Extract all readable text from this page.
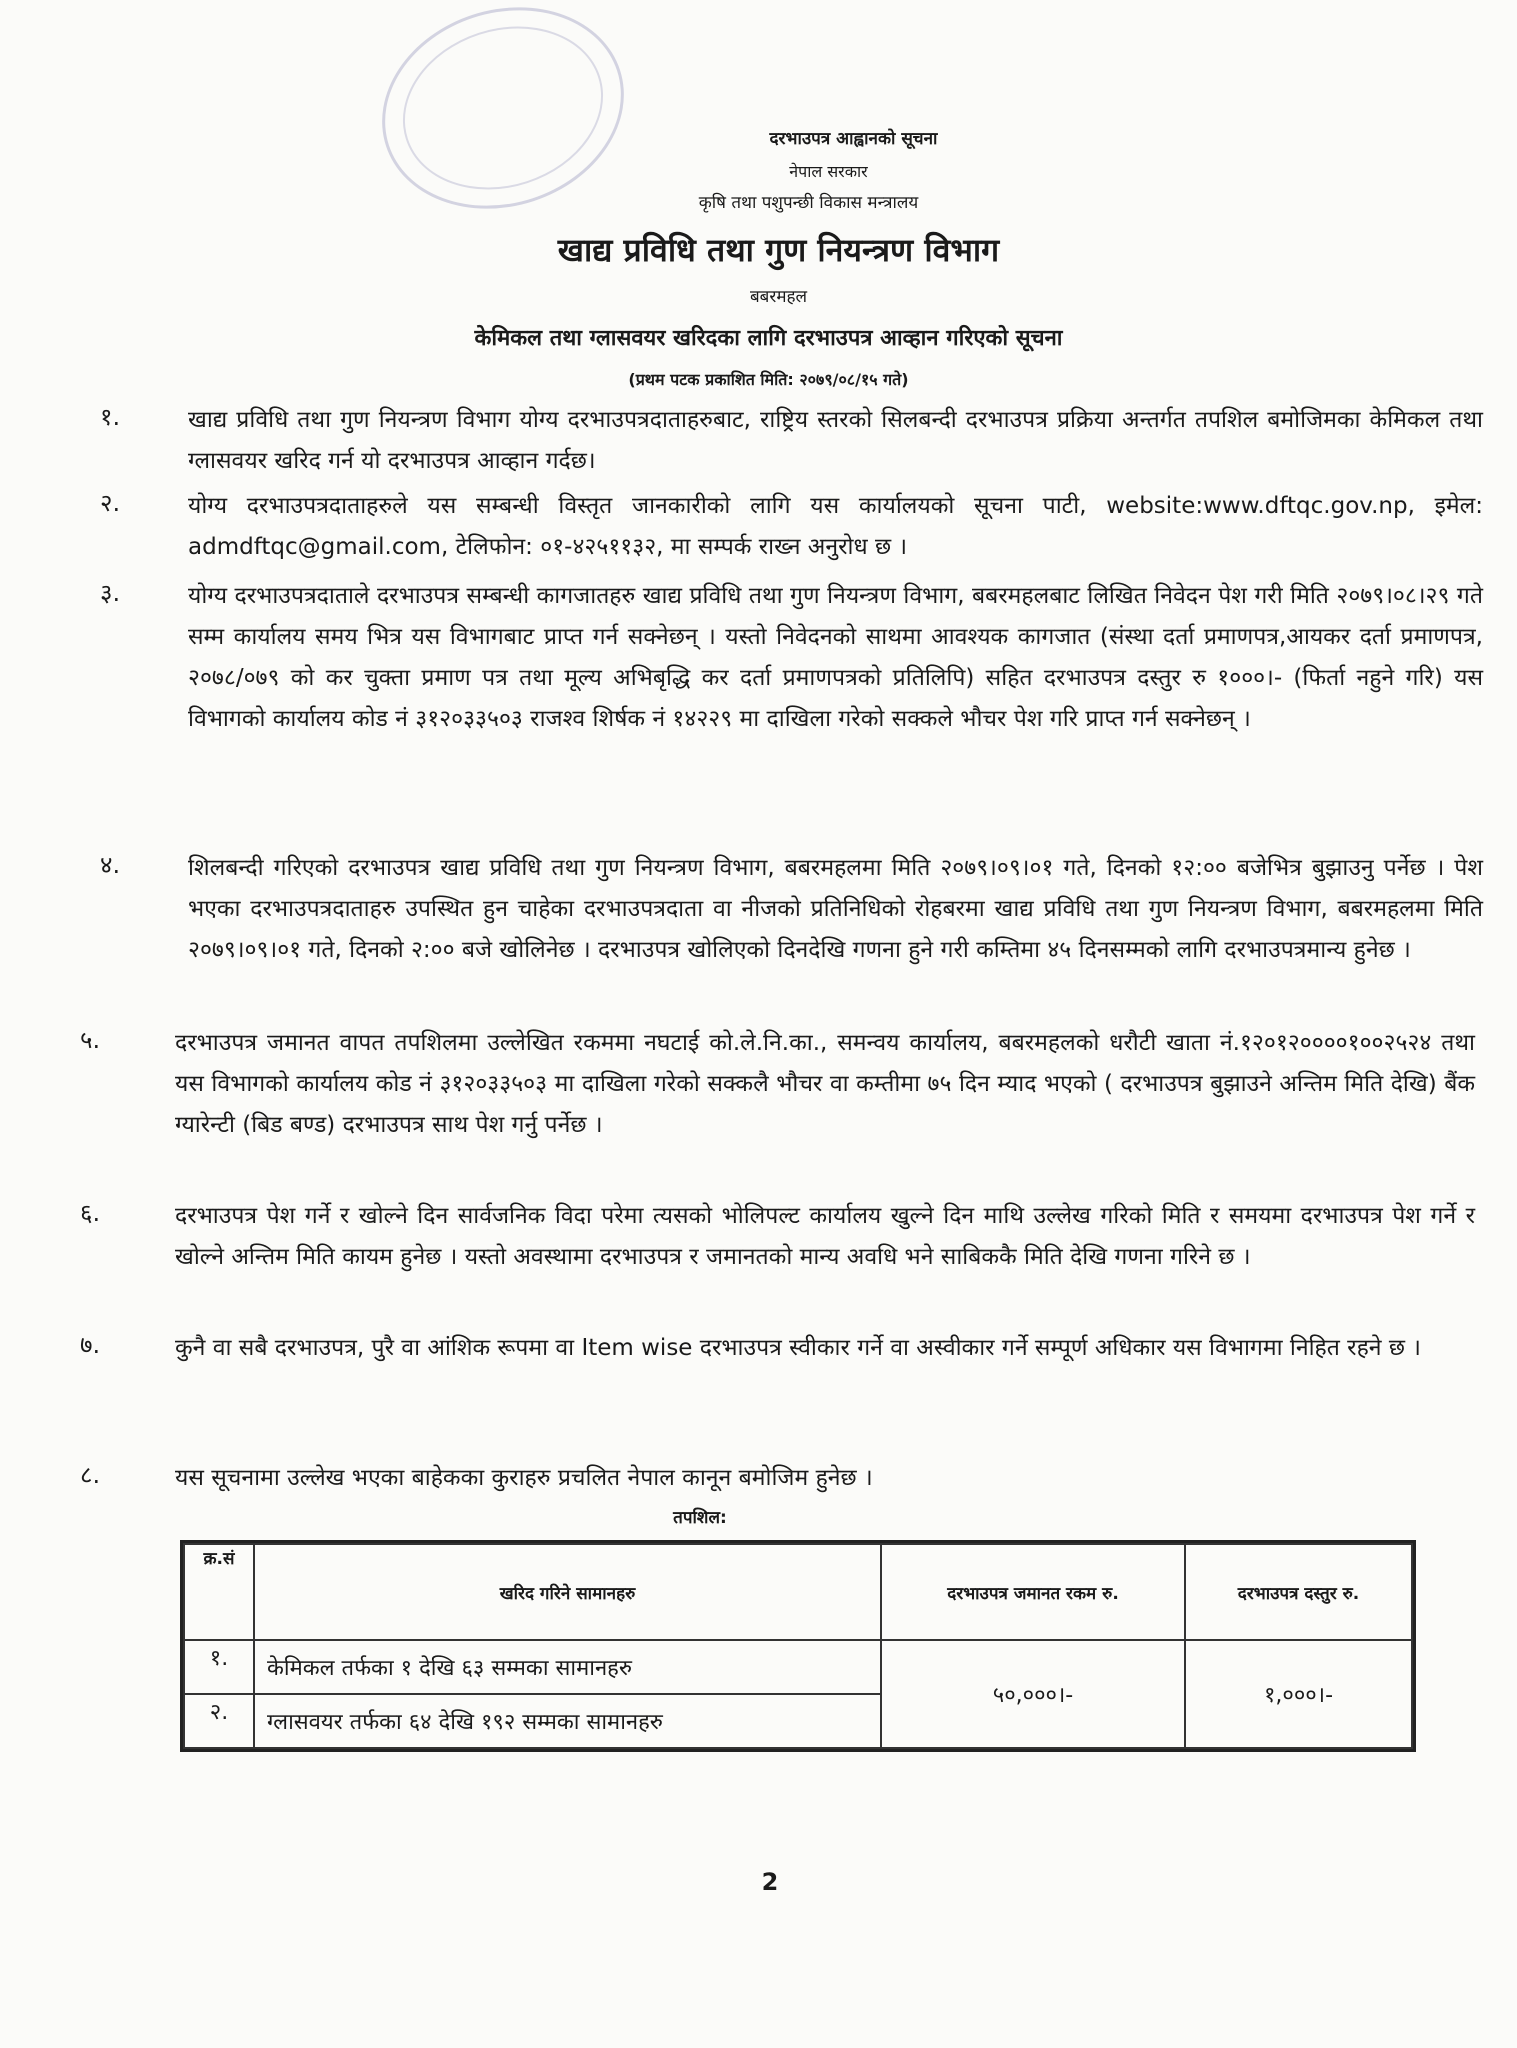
दरभाउपत्र आह्वानको सूचना

नेपाल सरकार

कृषि तथा पशुपन्छी विकास मन्त्रालय

खाद्य प्रविधि तथा गुण नियन्त्रण विभाग

बबरमहल

केमिकल तथा ग्लासवयर खरिदका लागि दरभाउपत्र आव्हान गरिएको सूचना

(प्रथम पटक प्रकाशित मिति: २०७९/०८/१५ गते)

१.	खाद्य प्रविधि तथा गुण नियन्त्रण विभाग योग्य दरभाउपत्रदाताहरुबाट, राष्ट्रिय स्तरको सिलबन्दी दरभाउपत्र प्रक्रिया अन्तर्गत तपशिल बमोजिमका केमिकल तथा ग्लासवयर खरिद गर्न यो दरभाउपत्र आव्हान गर्दछ।
२.	योग्य दरभाउपत्रदाताहरुले यस सम्बन्धी विस्तृत जानकारीको लागि यस कार्यालयको सूचना पाटी, website:www.dftqc.gov.np, इमेल: admdftqc@gmail.com, टेलिफोन: ०१-४२५११३२, मा सम्पर्क राख्न अनुरोध छ ।
३.	योग्य दरभाउपत्रदाताले दरभाउपत्र सम्बन्धी कागजातहरु खाद्य प्रविधि तथा गुण नियन्त्रण विभाग, बबरमहलबाट लिखित निवेदन पेश गरी मिति २०७९।०८।२९ गते सम्म कार्यालय समय भित्र यस विभागबाट प्राप्त गर्न सक्नेछन् । यस्तो निवेदनको साथमा आवश्यक कागजात (संस्था दर्ता प्रमाणपत्र,आयकर दर्ता प्रमाणपत्र, २०७८/०७९ को कर चुक्ता प्रमाण पत्र तथा मूल्य अभिबृद्धि कर दर्ता प्रमाणपत्रको प्रतिलिपि) सहित दरभाउपत्र दस्तुर रु १०००।- (फिर्ता नहुने गरि) यस विभागको कार्यालय कोड नं ३१२०३३५०३ राजश्व शिर्षक नं १४२२९ मा दाखिला गरेको सक्कले भौचर पेश गरि प्राप्त गर्न सक्नेछन् ।
४.	शिलबन्दी गरिएको दरभाउपत्र खाद्य प्रविधि तथा गुण नियन्त्रण विभाग, बबरमहलमा मिति २०७९।०९।०१ गते, दिनको १२:०० बजेभित्र बुझाउनु पर्नेछ । पेश भएका दरभाउपत्रदाताहरु उपस्थित हुन चाहेका दरभाउपत्रदाता वा नीजको प्रतिनिधिको रोहबरमा खाद्य प्रविधि तथा गुण नियन्त्रण विभाग, बबरमहलमा मिति २०७९।०९।०१ गते, दिनको २:०० बजे खोलिनेछ । दरभाउपत्र खोलिएको दिनदेखि गणना हुने गरी कम्तिमा ४५ दिनसम्मको लागि दरभाउपत्रमान्य हुनेछ ।
५.	दरभाउपत्र जमानत वापत तपशिलमा उल्लेखित रकममा नघटाई को.ले.नि.का., समन्वय कार्यालय, बबरमहलको धरौटी खाता नं.१२०१२००००१००२५२४ तथा यस विभागको कार्यालय कोड नं ३१२०३३५०३ मा दाखिला गरेको सक्कलै भौचर वा कम्तीमा ७५ दिन म्याद भएको ( दरभाउपत्र बुझाउने अन्तिम मिति देखि) बैंक ग्यारेन्टी (बिड बण्ड) दरभाउपत्र साथ पेश गर्नु पर्नेछ ।
६.	दरभाउपत्र पेश गर्ने र खोल्ने दिन सार्वजनिक विदा परेमा त्यसको भोलिपल्ट कार्यालय खुल्ने दिन माथि उल्लेख गरिको मिति र समयमा दरभाउपत्र पेश गर्ने र खोल्ने अन्तिम मिति कायम हुनेछ । यस्तो अवस्थामा दरभाउपत्र र जमानतको मान्य अवधि भने साबिककै मिति देखि गणना गरिने छ ।
७.	कुनै वा सबै दरभाउपत्र, पुरै वा आंशिक रूपमा वा Item wise दरभाउपत्र स्वीकार गर्ने वा अस्वीकार गर्ने सम्पूर्ण अधिकार यस विभागमा निहित रहने छ ।
८.	यस सूचनामा उल्लेख भएका बाहेकका कुराहरु प्रचलित नेपाल कानून बमोजिम हुनेछ ।
तपशिल:
क्र.सं	खरिद गरिने सामानहरु	दरभाउपत्र जमानत रकम रु.	दरभाउपत्र दस्तुर रु.
१.	केमिकल तर्फका १ देखि ६३ सम्मका सामानहरु	५०,०००।-	१,०००।-
२.	ग्लासवयर तर्फका ६४ देखि १९२ सम्मका सामानहरु		
2
